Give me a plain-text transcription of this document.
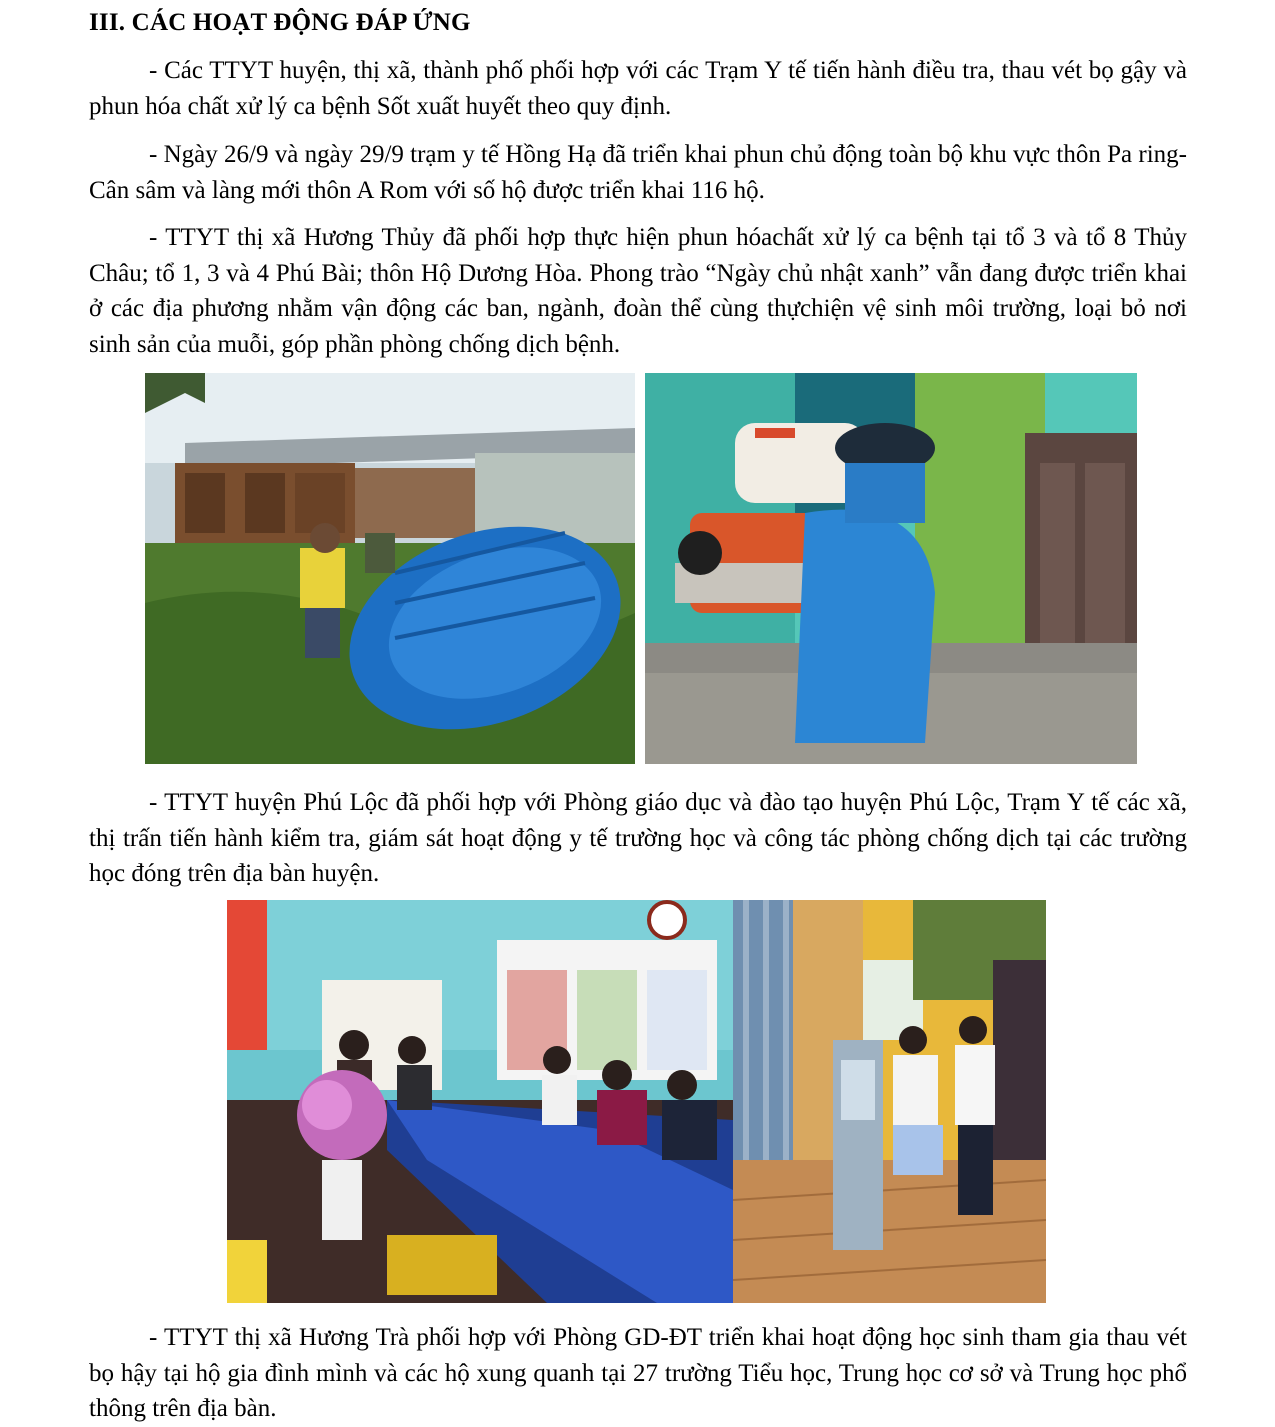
III. CÁC HOẠT ĐỘNG ĐÁP ỨNG

- Các TTYT huyện, thị xã, thành phố phối hợp với các Trạm Y tế tiến hành điều tra, thau vét bọ gậy và phun hóa chất xử lý ca bệnh Sốt xuất huyết theo quy định.

- Ngày 26/9 và ngày 29/9 trạm y tế Hồng Hạ đã triển khai phun chủ động toàn bộ khu vực thôn Pa ring- Cân sâm và làng mới thôn A Rom với số hộ được triển khai 116 hộ.

- TTYT thị xã Hương Thủy đã phối hợp thực hiện phun hóachất xử lý ca bệnh tại tổ 3 và tổ 8 Thủy Châu; tổ 1, 3 và 4 Phú Bài; thôn Hộ Dương Hòa. Phong trào “Ngày chủ nhật xanh” vẫn đang được triển khai ở các địa phương nhằm vận động các ban, ngành, đoàn thể cùng thựchiện vệ sinh môi trường, loại bỏ nơi sinh sản của muỗi, góp phần phòng chống dịch bệnh.

- TTYT huyện Phú Lộc đã phối hợp với Phòng giáo dục và đào tạo huyện Phú Lộc, Trạm Y tế các xã, thị trấn tiến hành kiểm tra, giám sát hoạt động y tế trường học và công tác phòng chống dịch tại các trường học đóng trên địa bàn huyện.

- TTYT thị xã Hương Trà phối hợp với Phòng GD-ĐT triển khai hoạt động học sinh tham gia thau vét bọ hậy tại hộ gia đình mình và các hộ xung quanh tại 27 trường Tiểu học, Trung học cơ sở và Trung học phổ thông trên địa bàn.
